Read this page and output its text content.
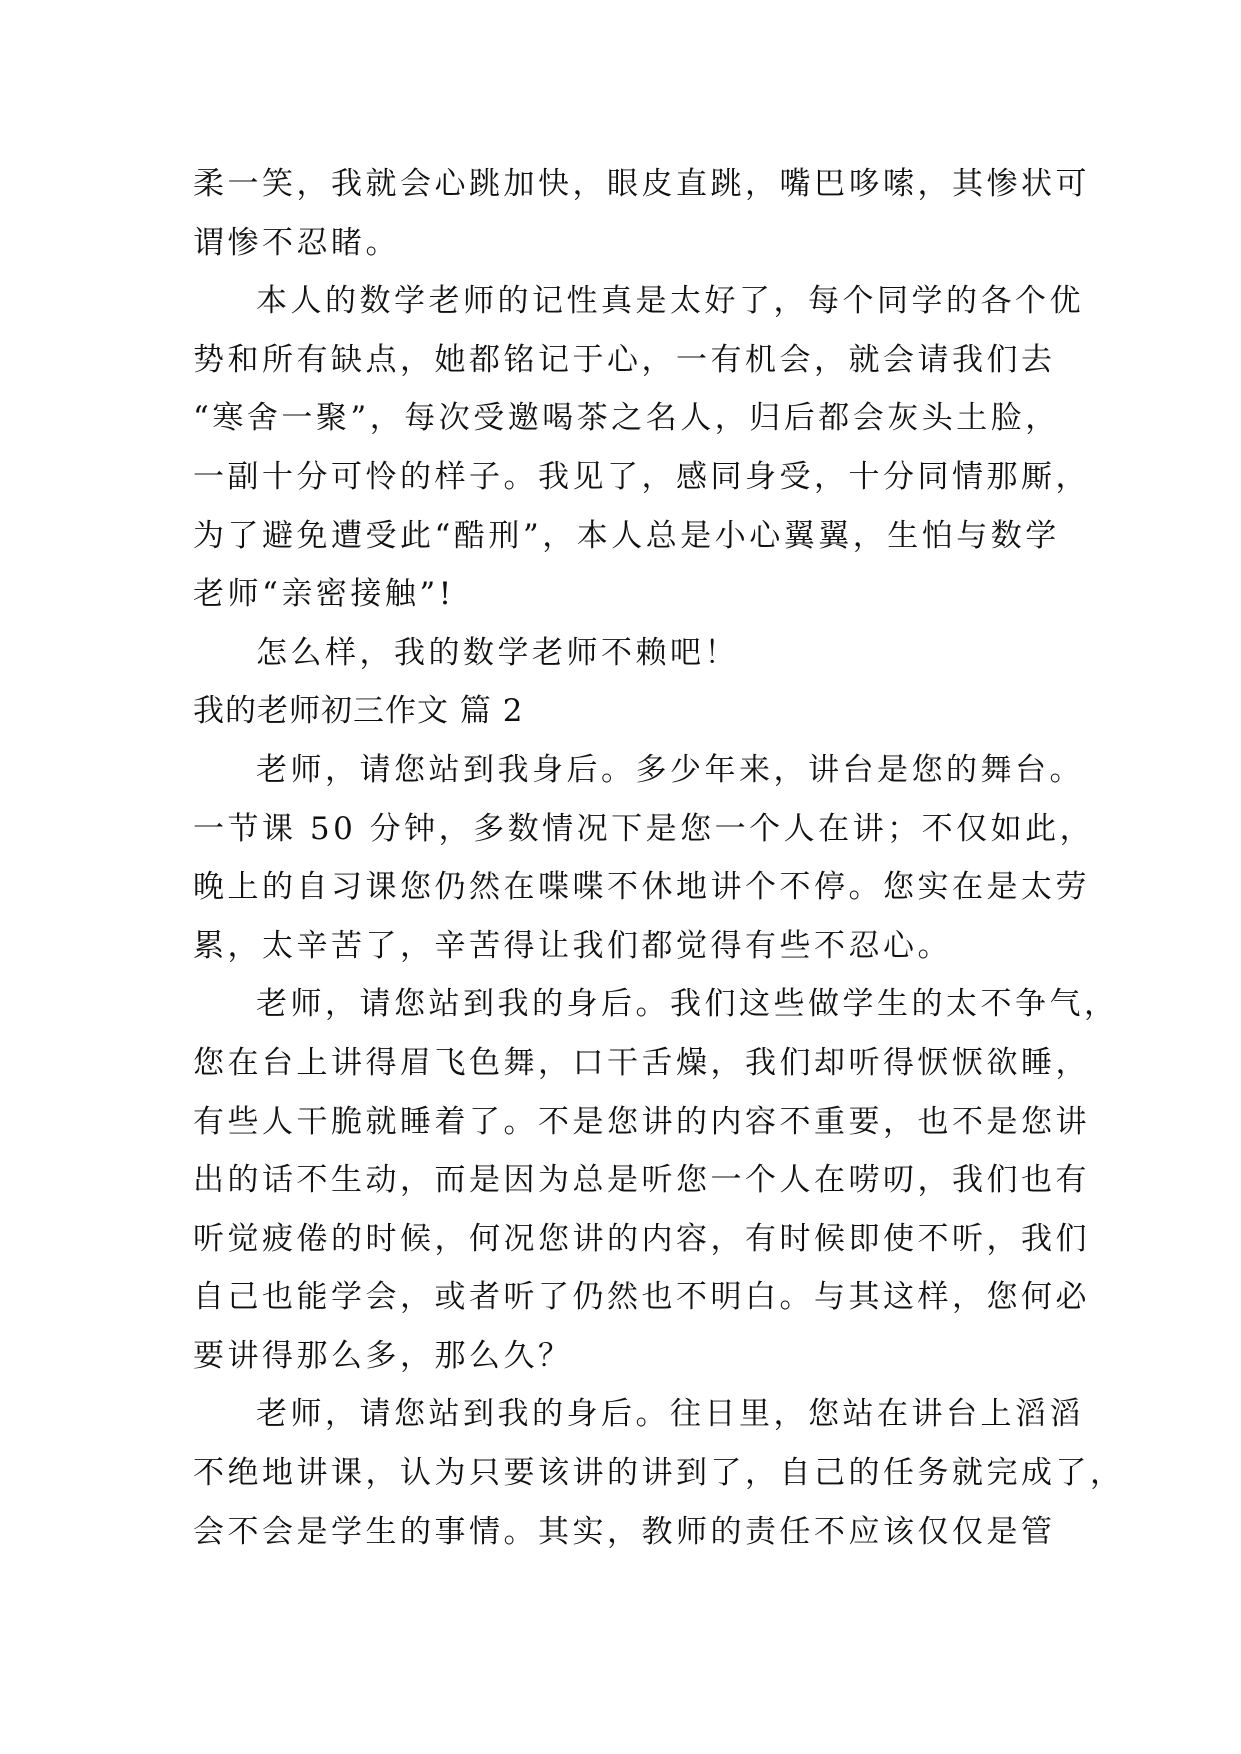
柔一笑，我就会心跳加快，眼皮直跳，嘴巴哆嗦，其惨状可
谓惨不忍睹。
本人的数学老师的记性真是太好了，每个同学的各个优
势和所有缺点，她都铭记于心，一有机会，就会请我们去
“寒舍一聚”，每次受邀喝茶之名人，归后都会灰头土脸，
一副十分可怜的样子。我见了，感同身受，十分同情那厮，
为了避免遭受此“酷刑”，本人总是小心翼翼，生怕与数学
老师“亲密接触”!
怎么样，我的数学老师不赖吧！
我的老师初三作文 篇 2
老师，请您站到我身后。多少年来，讲台是您的舞台。
一节课 50 分钟，多数情况下是您一个人在讲；不仅如此，
晚上的自习课您仍然在喋喋不休地讲个不停。您实在是太劳
累，太辛苦了，辛苦得让我们都觉得有些不忍心。
老师，请您站到我的身后。我们这些做学生的太不争气，
您在台上讲得眉飞色舞，口干舌燥，我们却听得恹恹欲睡，
有些人干脆就睡着了。不是您讲的内容不重要，也不是您讲
出的话不生动，而是因为总是听您一个人在唠叨，我们也有
听觉疲倦的时候，何况您讲的内容，有时候即使不听，我们
自己也能学会，或者听了仍然也不明白。与其这样，您何必
要讲得那么多，那么久？
老师，请您站到我的身后。往日里，您站在讲台上滔滔
不绝地讲课，认为只要该讲的讲到了，自己的任务就完成了，
会不会是学生的事情。其实，教师的责任不应该仅仅是管
